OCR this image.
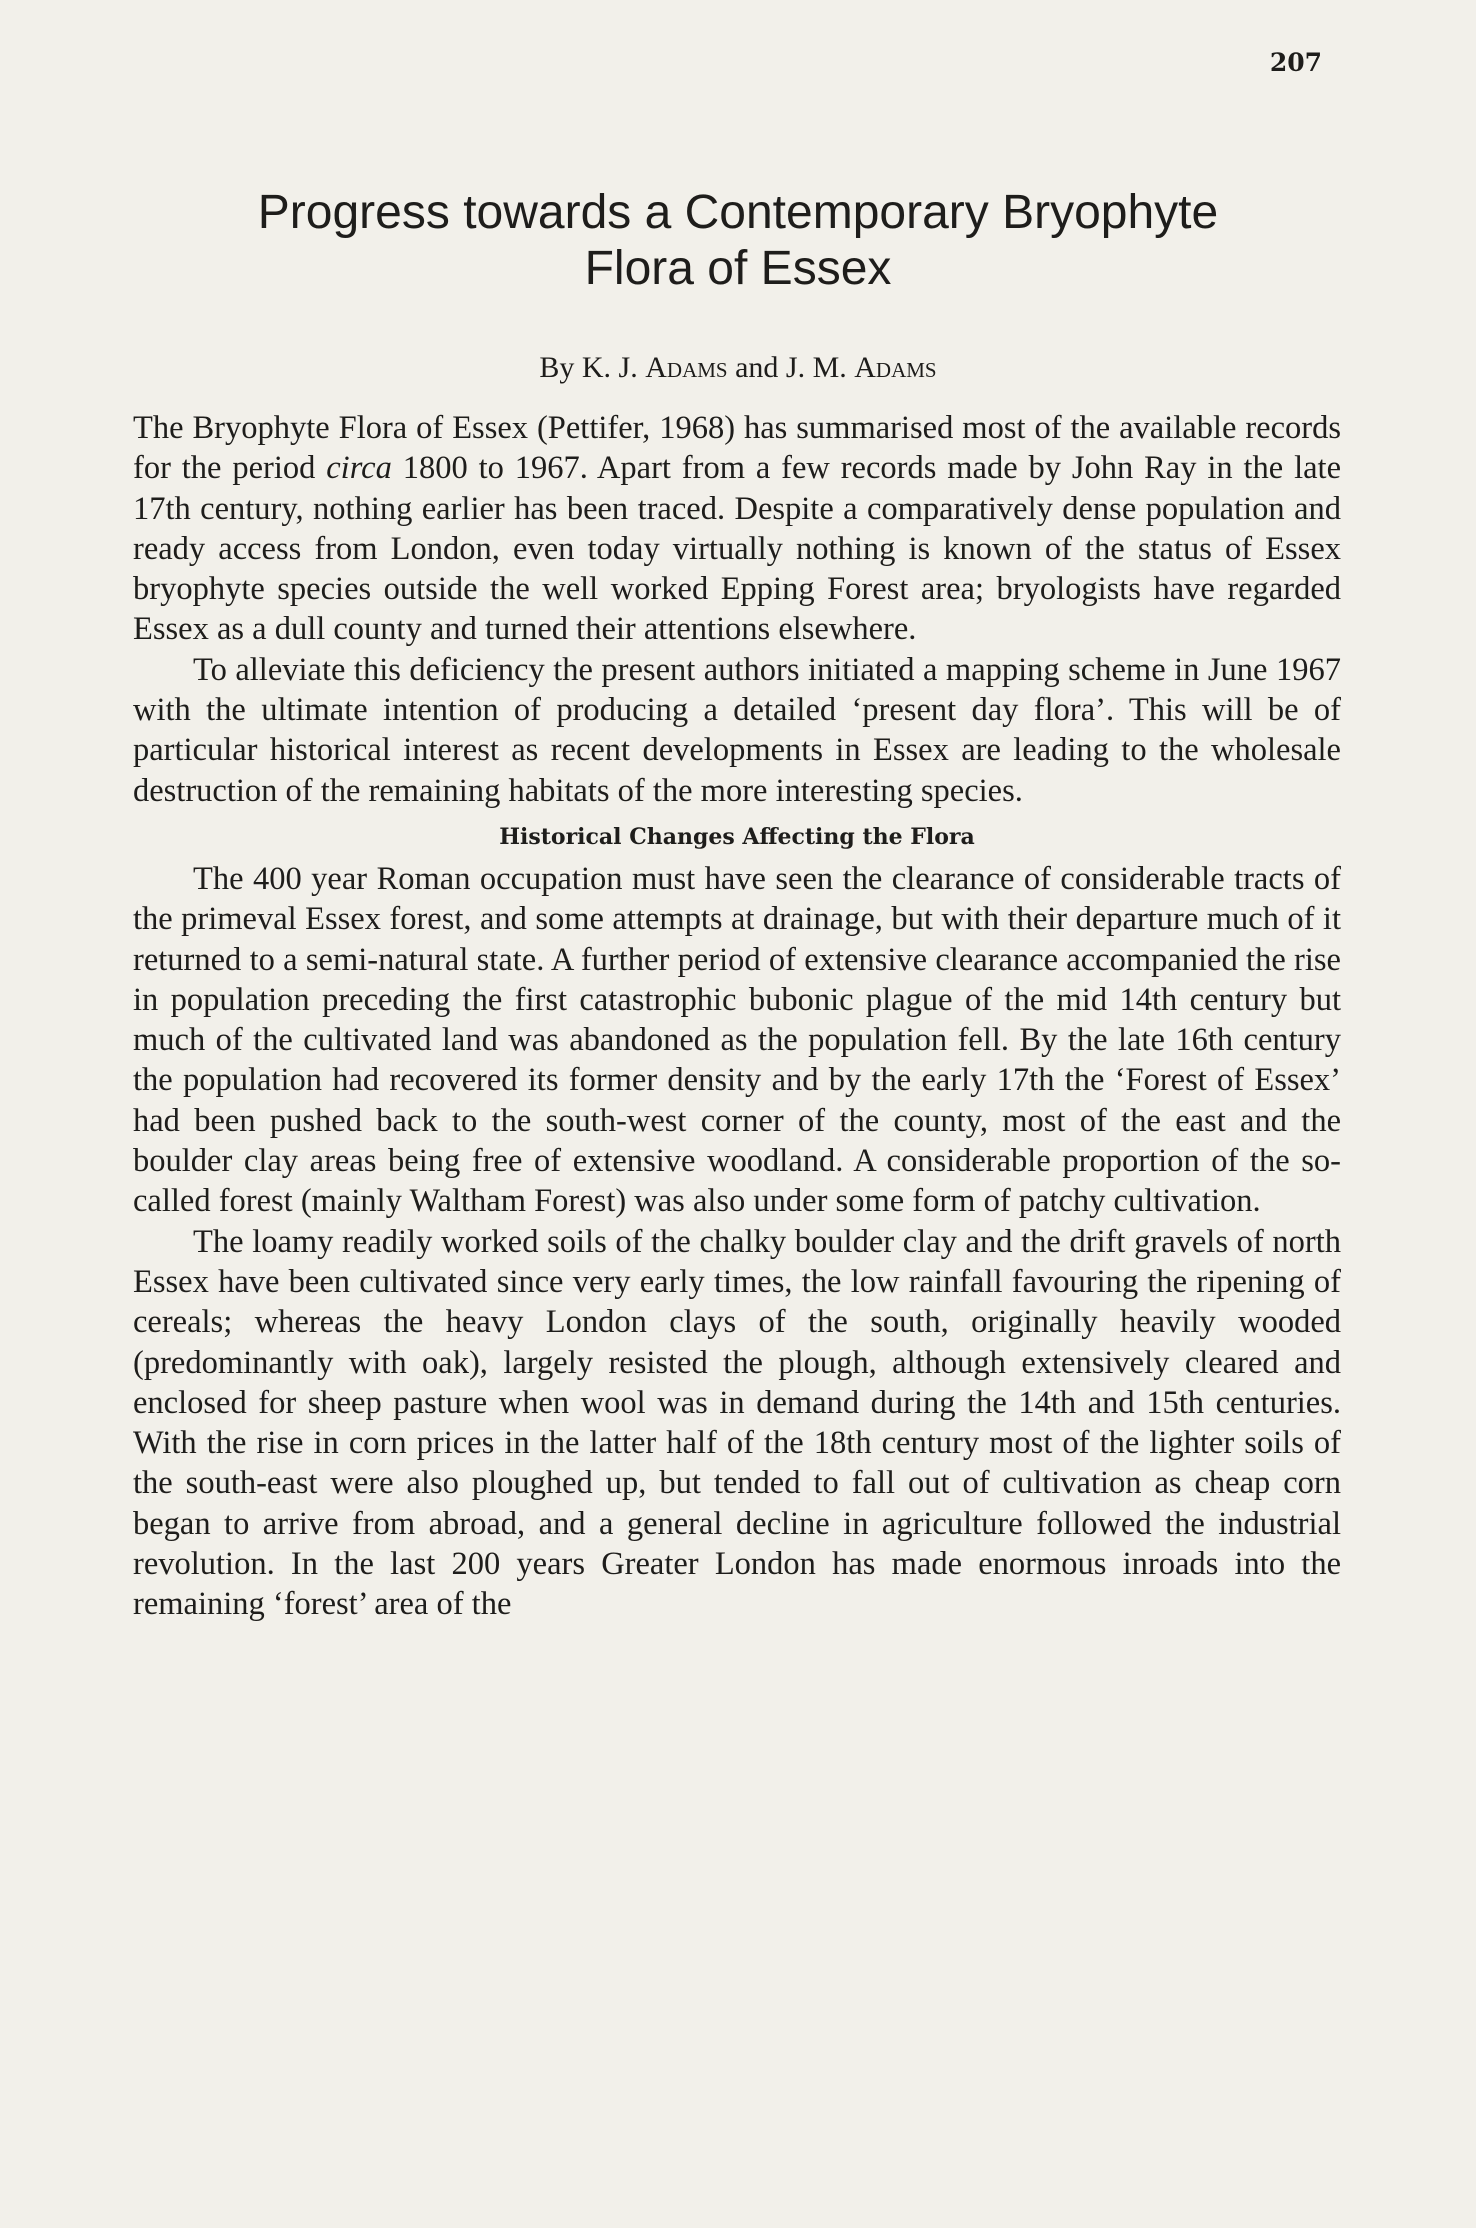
207
Progress towards a Contemporary Bryophyte
Flora of Essex
By K. J. Adams and J. M. Adams

The Bryophyte Flora of Essex (Pettifer, 1968) has summarised most of the available records for the period circa 1800 to 1967. Apart from a few records made by John Ray in the late 17th century, nothing earlier has been traced. Despite a comparatively dense population and ready access from London, even today virtually nothing is known of the status of Essex bryophyte species outside the well worked Epping Forest area; bryologists have regarded Essex as a dull county and turned their attentions elsewhere.

To alleviate this deficiency the present authors initiated a mapping scheme in June 1967 with the ultimate intention of producing a detailed ‘present day flora’. This will be of particular historical interest as recent developments in Essex are leading to the wholesale destruction of the remaining habitats of the more interesting species.

Historical Changes Affecting the Flora

The 400 year Roman occupation must have seen the clearance of considerable tracts of the primeval Essex forest, and some attempts at drainage, but with their departure much of it returned to a semi-natural state. A further period of extensive clearance accompanied the rise in population preceding the first catastrophic bubonic plague of the mid 14th century but much of the cultivated land was abandoned as the population fell. By the late 16th century the population had recovered its former density and by the early 17th the ‘Forest of Essex’ had been pushed back to the south-west corner of the county, most of the east and the boulder clay areas being free of extensive woodland. A considerable proportion of the so-called forest (mainly Waltham Forest) was also under some form of patchy cultivation.

The loamy readily worked soils of the chalky boulder clay and the drift gravels of north Essex have been cultivated since very early times, the low rainfall favouring the ripening of cereals; whereas the heavy London clays of the south, originally heavily wooded (predominantly with oak), largely resisted the plough, although extensively cleared and enclosed for sheep pasture when wool was in demand during the 14th and 15th centuries. With the rise in corn prices in the latter half of the 18th century most of the lighter soils of the south-east were also ploughed up, but tended to fall out of cultivation as cheap corn began to arrive from abroad, and a general decline in agriculture followed the industrial revolution. In the last 200 years Greater London has made enormous inroads into the remaining ‘forest’ area of the
